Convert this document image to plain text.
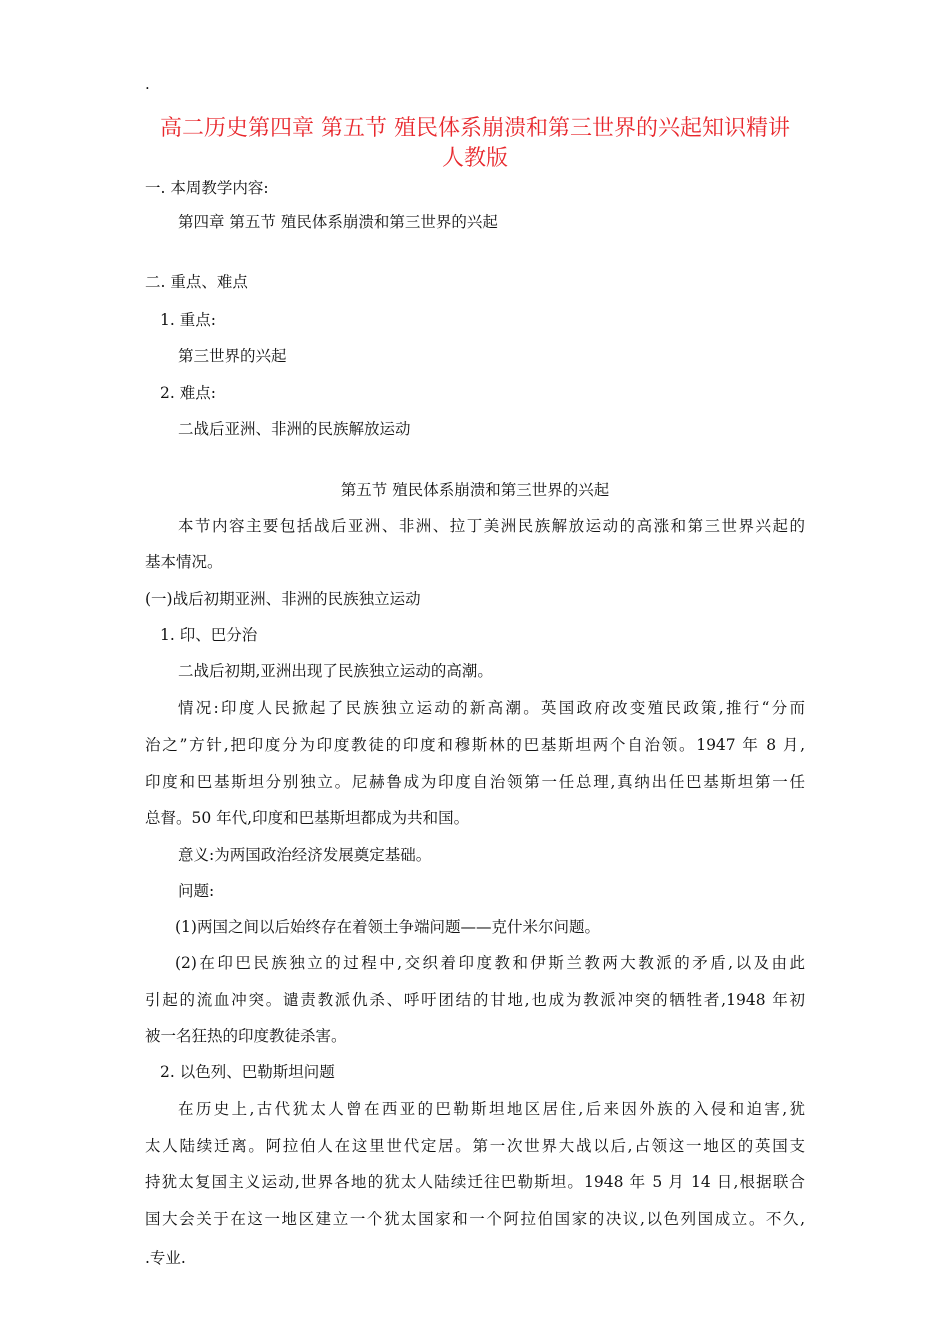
.
高二历史第四章 第五节 殖民体系崩溃和第三世界的兴起知识精讲
人教版
一. 本周教学内容:
第四章 第五节 殖民体系崩溃和第三世界的兴起
二. 重点、难点
1. 重点:
第三世界的兴起
2. 难点:
二战后亚洲、非洲的民族解放运动
第五节 殖民体系崩溃和第三世界的兴起
本节内容主要包括战后亚洲、非洲、拉丁美洲民族解放运动的高涨和第三世界兴起的
基本情况。
(一)战后初期亚洲、非洲的民族独立运动
1. 印、巴分治
二战后初期,亚洲出现了民族独立运动的高潮。
情况:印度人民掀起了民族独立运动的新高潮。英国政府改变殖民政策,推行“分而
治之”方针,把印度分为印度教徒的印度和穆斯林的巴基斯坦两个自治领。1947 年 8 月,
印度和巴基斯坦分别独立。尼赫鲁成为印度自治领第一任总理,真纳出任巴基斯坦第一任
总督。50 年代,印度和巴基斯坦都成为共和国。
意义:为两国政治经济发展奠定基础。
问题:
(1)两国之间以后始终存在着领土争端问题——克什米尔问题。
(2)在印巴民族独立的过程中,交织着印度教和伊斯兰教两大教派的矛盾,以及由此
引起的流血冲突。谴责教派仇杀、呼吁团结的甘地,也成为教派冲突的牺牲者,1948 年初
被一名狂热的印度教徒杀害。
2. 以色列、巴勒斯坦问题
在历史上,古代犹太人曾在西亚的巴勒斯坦地区居住,后来因外族的入侵和迫害,犹
太人陆续迁离。阿拉伯人在这里世代定居。第一次世界大战以后,占领这一地区的英国支
持犹太复国主义运动,世界各地的犹太人陆续迁往巴勒斯坦。1948 年 5 月 14 日,根据联合
国大会关于在这一地区建立一个犹太国家和一个阿拉伯国家的决议,以色列国成立。不久,
.专业.
